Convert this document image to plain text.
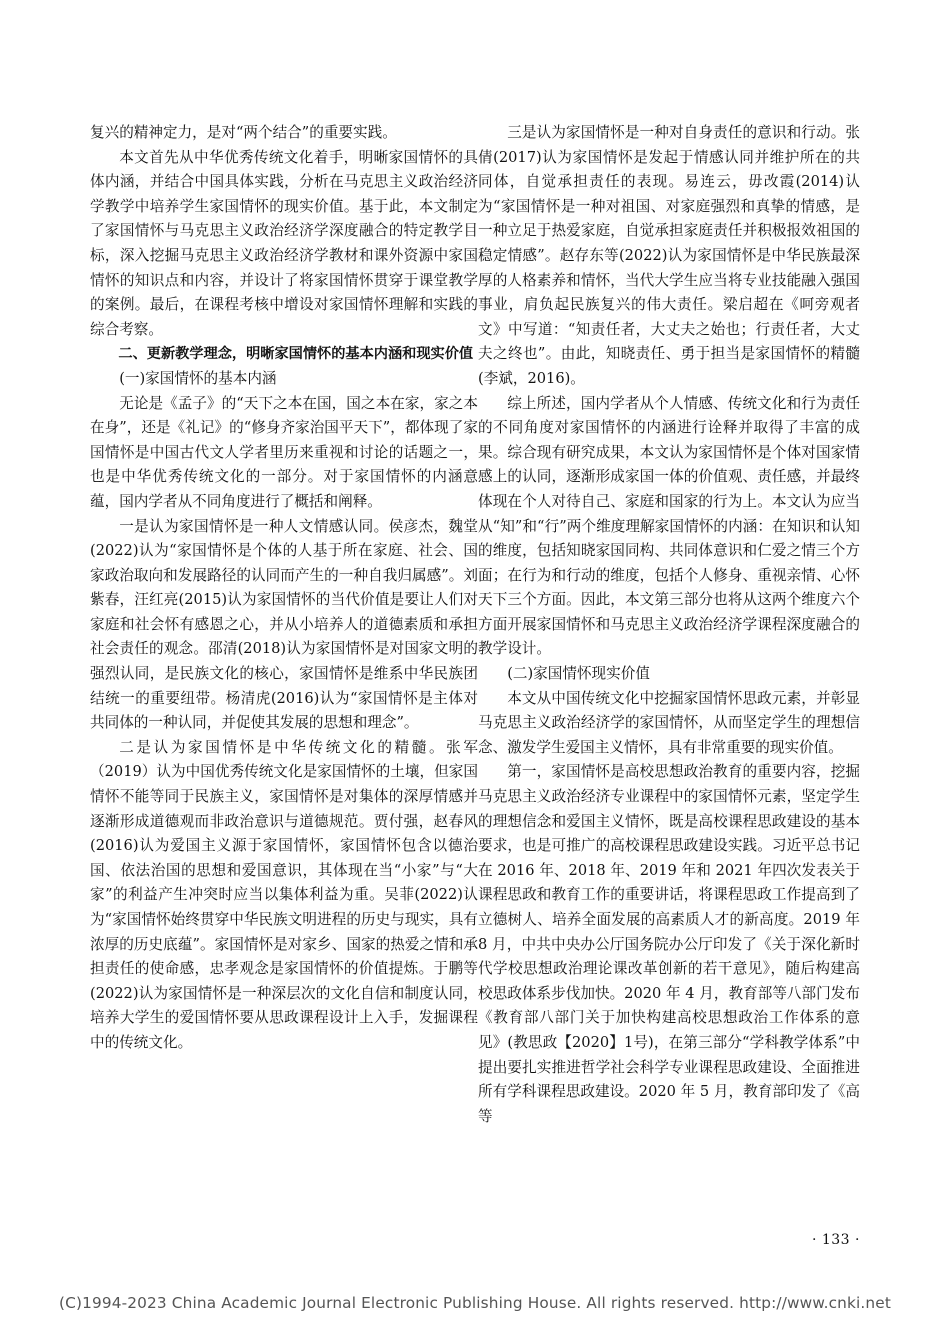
复兴的精神定力，是对“两个结合”的重要实践。

本文首先从中华优秀传统文化着手，明晰家国情怀的具体内涵，并结合中国具体实践，分析在马克思主义政治经济学教学中培养学生家国情怀的现实价值。基于此，本文制定了家国情怀与马克思主义政治经济学深度融合的特定教学目标，深入挖掘马克思主义政治经济学教材和课外资源中家国情怀的知识点和内容，并设计了将家国情怀贯穿于课堂教学的案例。最后，在课程考核中增设对家国情怀理解和实践的综合考察。

二、更新教学理念，明晰家国情怀的基本内涵和现实价值

(一)家国情怀的基本内涵

无论是《孟子》的“天下之本在国，国之本在家，家之本在身”，还是《礼记》的“修身齐家治国平天下”，都体现了家国情怀是中国古代文人学者里历来重视和讨论的话题之一，也是中华优秀传统文化的一部分。对于家国情怀的内涵意蕴，国内学者从不同角度进行了概括和阐释。

一是认为家国情怀是一种人文情感认同。侯彦杰，魏堂(2022)认为“家国情怀是个体的人基于所在家庭、社会、国家政治取向和发展路径的认同而产生的一种自我归属感”。刘紫春，汪红亮(2015)认为家国情怀的当代价值是要让人们对家庭和社会怀有感恩之心，并从小培养人的道德素质和承担社会责任的观念。邵清(2018)认为家国情怀是对国家文明的强烈认同，是民族文化的核心，家国情怀是维系中华民族团结统一的重要纽带。杨清虎(2016)认为“家国情怀是主体对共同体的一种认同，并促使其发展的思想和理念”。

二是认为家国情怀是中华传统文化的精髓。张军（2019）认为中国优秀传统文化是家国情怀的土壤，但家国情怀不能等同于民族主义，家国情怀是对集体的深厚情感并逐渐形成道德观而非政治意识与道德规范。贾付强，赵春风(2016)认为爱国主义源于家国情怀，家国情怀包含以德治国、依法治国的思想和爱国意识，其体现在当“小家”与“大家”的利益产生冲突时应当以集体利益为重。吴菲(2022)认为“家国情怀始终贯穿中华民族文明进程的历史与现实，具有浓厚的历史底蕴”。家国情怀是对家乡、国家的热爱之情和承担责任的使命感，忠孝观念是家国情怀的价值提炼。于鹏等(2022)认为家国情怀是一种深层次的文化自信和制度认同，培养大学生的爱国情怀要从思政课程设计上入手，发掘课程中的传统文化。

三是认为家国情怀是一种对自身责任的意识和行动。张倩(2017)认为家国情怀是发起于情感认同并维护所在的共同体，自觉承担责任的表现。易连云，毋改霞(2014)认为“家国情怀是一种对祖国、对家庭强烈和真挚的情感，是一种立足于热爱家庭，自觉承担家庭责任并积极报效祖国的稳定情感”。赵存东等(2022)认为家国情怀是中华民族最深厚的人格素养和情怀，当代大学生应当将专业技能融入强国事业，肩负起民族复兴的伟大责任。梁启超在《呵旁观者文》中写道：“知责任者，大丈夫之始也；行责任者，大丈夫之终也”。由此，知晓责任、勇于担当是家国情怀的精髓(李斌，2016)。

综上所述，国内学者从个人情感、传统文化和行为责任的不同角度对家国情怀的内涵进行诠释并取得了丰富的成果。综合现有研究成果，本文认为家国情怀是个体对国家情感上的认同，逐渐形成家国一体的价值观、责任感，并最终体现在个人对待自己、家庭和国家的行为上。本文认为应当从“知”和“行”两个维度理解家国情怀的内涵：在知识和认知的维度，包括知晓家国同构、共同体意识和仁爱之情三个方面；在行为和行动的维度，包括个人修身、重视亲情、心怀天下三个方面。因此，本文第三部分也将从这两个维度六个方面开展家国情怀和马克思主义政治经济学课程深度融合的教学设计。

(二)家国情怀现实价值

本文从中国传统文化中挖掘家国情怀思政元素，并彰显马克思主义政治经济学的家国情怀，从而坚定学生的理想信念、激发学生爱国主义情怀，具有非常重要的现实价值。

第一，家国情怀是高校思想政治教育的重要内容，挖掘马克思主义政治经济专业课程中的家国情怀元素，坚定学生的理想信念和爱国主义情怀，既是高校课程思政建设的基本要求，也是可推广的高校课程思政建设实践。习近平总书记在 2016 年、2018 年、2019 年和 2021 年四次发表关于课程思政和教育工作的重要讲话，将课程思政工作提高到了立德树人、培养全面发展的高素质人才的新高度。2019 年 8 月，中共中央办公厅国务院办公厅印发了《关于深化新时代学校思想政治理论课改革创新的若干意见》，随后构建高校思政体系步伐加快。2020 年 4 月，教育部等八部门发布《教育部八部门关于加快构建高校思想政治工作体系的意见》(教思政【2020】1号)，在第三部分“学科教学体系”中提出要扎实推进哲学社会科学专业课程思政建设、全面推进所有学科课程思政建设。2020 年 5 月，教育部印发了《高等

· 133 ·
(C)1994-2023 China Academic Journal Electronic Publishing House. All rights reserved. http://www.cnki.net
